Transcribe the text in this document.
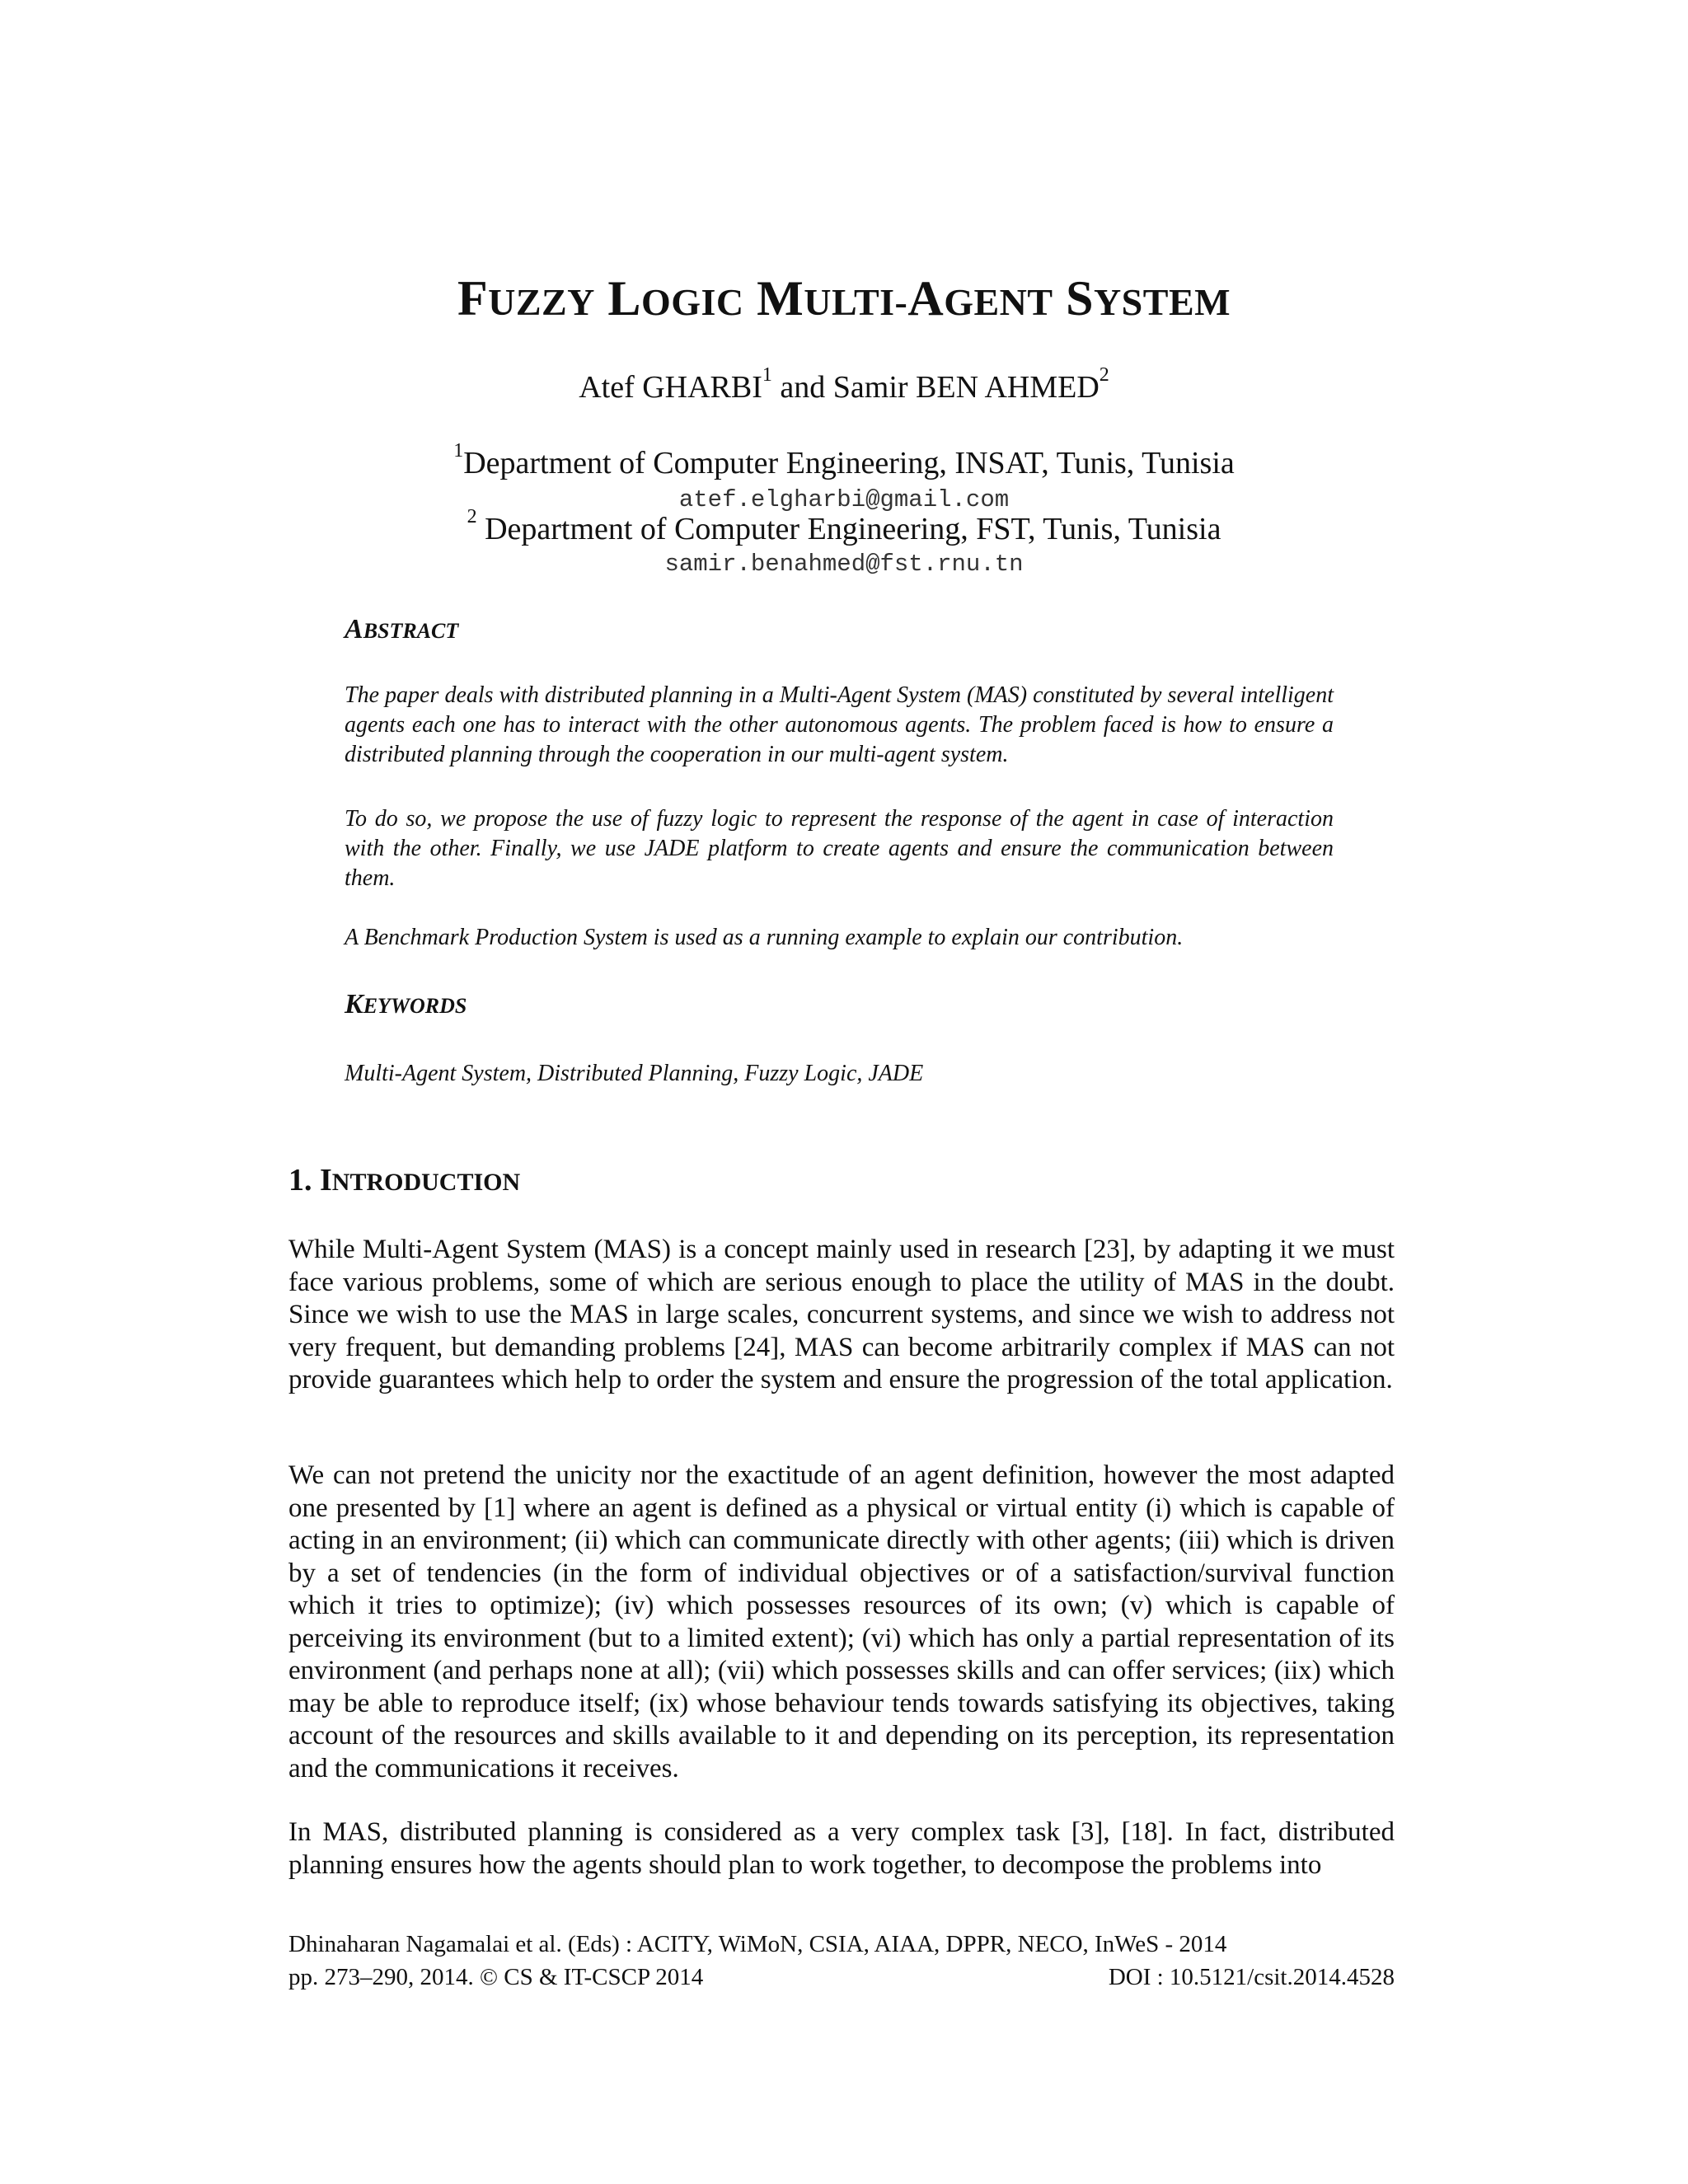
FUZZY LOGIC MULTI-AGENT SYSTEM
Atef GHARBI$^1$ and Samir BEN AHMED$^2$
$^1$Department of Computer Engineering, INSAT, Tunis, Tunisia
atef.elgharbi@gmail.com
$^2$ Department of Computer Engineering, FST, Tunis, Tunisia
samir.benahmed@fst.rnu.tn
ABSTRACT
The paper deals with distributed planning in a Multi-Agent System (MAS) constituted by several intelligent agents each one has to interact with the other autonomous agents. The problem faced is how to ensure a distributed planning through the cooperation in our multi-agent system.
To do so, we propose the use of fuzzy logic to represent the response of the agent in case of interaction with the other. Finally, we use JADE platform to create agents and ensure the communication between them.
A Benchmark Production System is used as a running example to explain our contribution.
KEYWORDS
Multi-Agent System, Distributed Planning, Fuzzy Logic, JADE
1. INTRODUCTION
While Multi-Agent System (MAS) is a concept mainly used in research [23], by adapting it we must face various problems, some of which are serious enough to place the utility of MAS in the doubt. Since we wish to use the MAS in large scales, concurrent systems, and since we wish to address not very frequent, but demanding problems [24], MAS can become arbitrarily complex if MAS can not provide guarantees which help to order the system and ensure the progression of the total application.
We can not pretend the unicity nor the exactitude of an agent definition, however the most adapted one presented by [1] where an agent is defined as a physical or virtual entity (i) which is capable of acting in an environment; (ii) which can communicate directly with other agents; (iii) which is driven by a set of tendencies (in the form of individual objectives or of a satisfaction/survival function which it tries to optimize); (iv) which possesses resources of its own; (v) which is capable of perceiving its environment (but to a limited extent); (vi) which has only a partial representation of its environment (and perhaps none at all); (vii) which possesses skills and can offer services; (iix) which may be able to reproduce itself; (ix) whose behaviour tends towards satisfying its objectives, taking account of the resources and skills available to it and depending on its perception, its representation and the communications it receives.
In MAS, distributed planning is considered as a very complex task [3], [18]. In fact, distributed planning ensures how the agents should plan to work together, to decompose the problems into
Dhinaharan Nagamalai et al. (Eds) : ACITY, WiMoN, CSIA, AIAA, DPPR, NECO, InWeS - 2014
pp. 273–290, 2014. © CS & IT-CSCP 2014	DOI : 10.5121/csit.2014.4528
